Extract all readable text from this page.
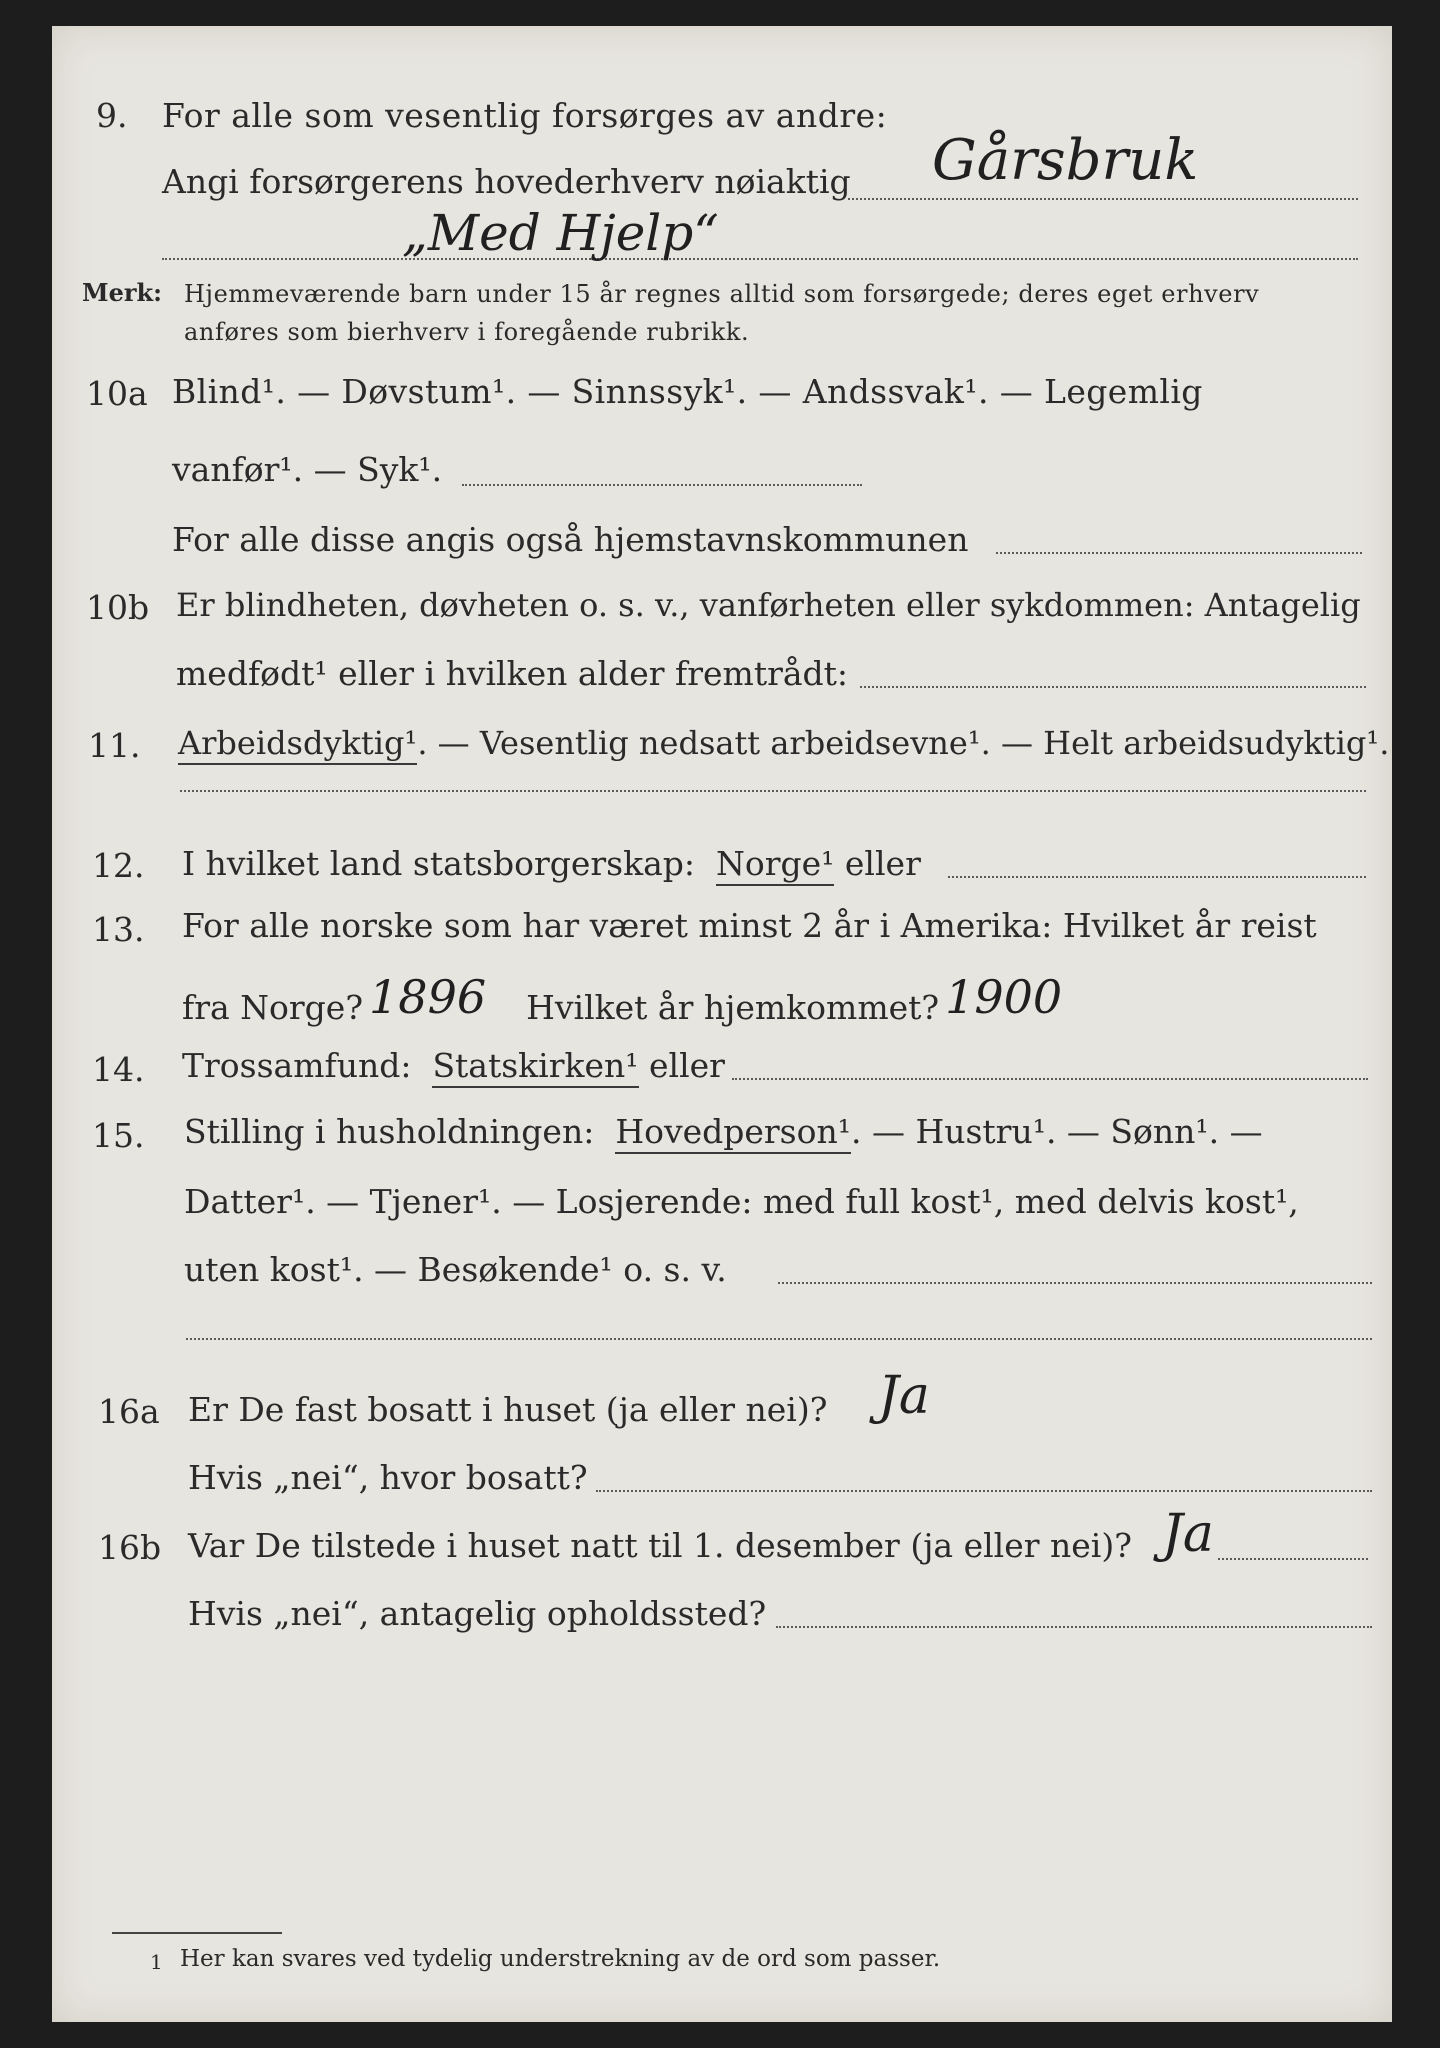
9. For alle som vesentlig forsørges av andre:
Angi forsørgerens hovederhverv nøiaktig Gårsbruk
„Med Hjelp“
Merk: Hjemmeværende barn under 15 år regnes alltid som forsørgede; deres eget erhverv
anføres som bierhverv i foregående rubrikk.
10a Blind¹. — Døvstum¹. — Sinnssyk¹. — Andssvak¹. — Legemlig
vanfør¹. — Syk¹.
For alle disse angis også hjemstavnskommunen
10b Er blindheten, døvheten o. s. v., vanførheten eller sykdommen: Antagelig
medfødt¹ eller i hvilken alder fremtrådt:
11. Arbeidsdyktig¹. — Vesentlig nedsatt arbeidsevne¹. — Helt arbeidsudyktig¹.
12. I hvilket land statsborgerskap: Norge¹ eller
13. For alle norske som har været minst 2 år i Amerika: Hvilket år reist
fra Norge? 1896 Hvilket år hjemkommet? 1900
14. Trossamfund: Statskirken¹ eller
15. Stilling i husholdningen: Hovedperson¹. — Hustru¹. — Sønn¹. —
Datter¹. — Tjener¹. — Losjerende: med full kost¹, med delvis kost¹,
uten kost¹. — Besøkende¹ o. s. v.
16a Er De fast bosatt i huset (ja eller nei)? Ja
Hvis „nei“, hvor bosatt?
16b Var De tilstede i huset natt til 1. desember (ja eller nei)? Ja
Hvis „nei“, antagelig opholdssted?
1 Her kan svares ved tydelig understrekning av de ord som passer.
